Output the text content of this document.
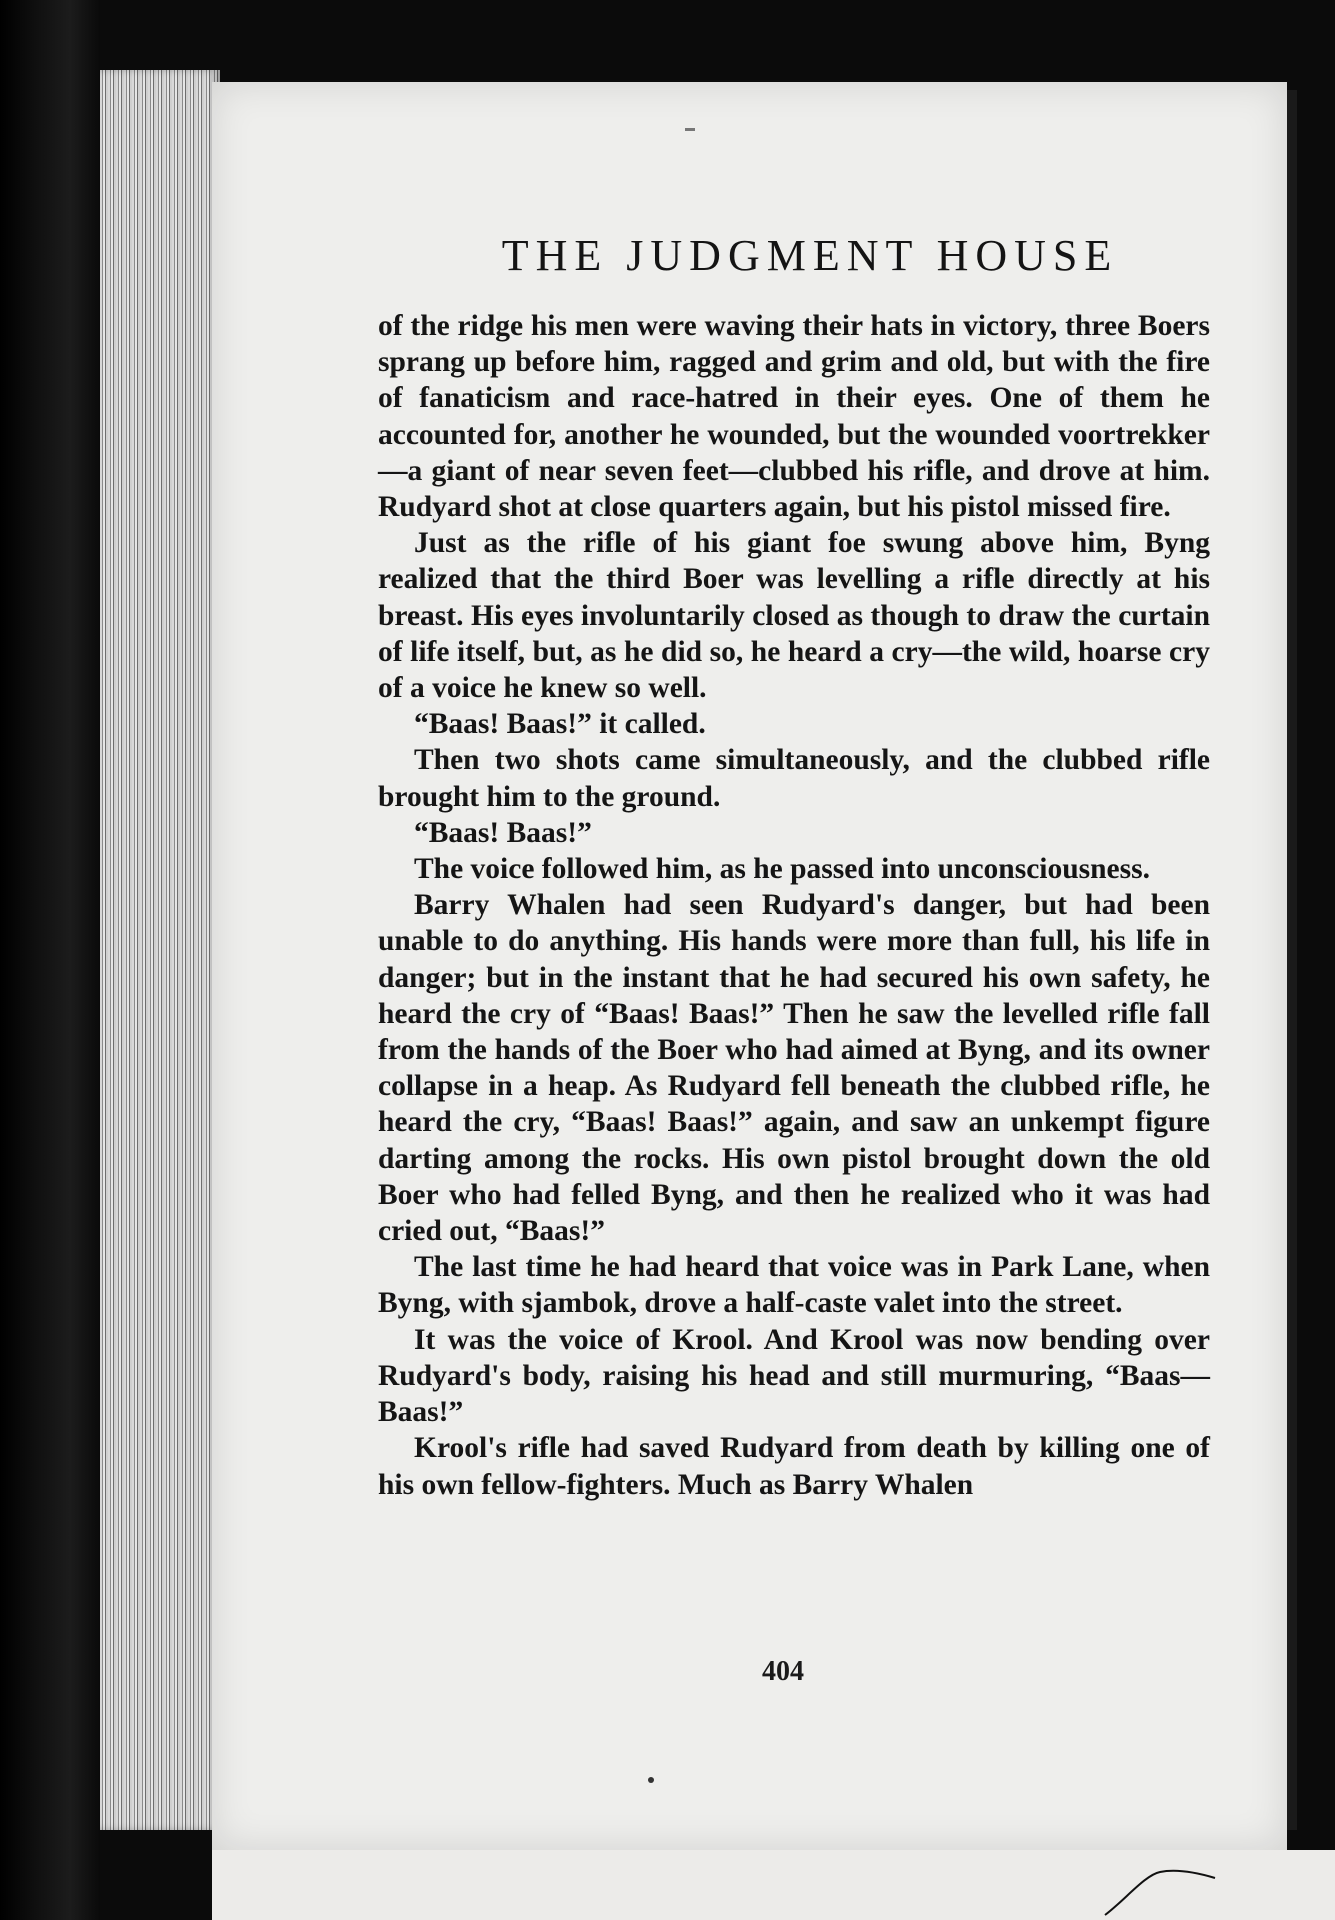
THE JUDGMENT HOUSE

of the ridge his men were waving their hats in victory, three Boers sprang up before him, ragged and grim and old, but with the fire of fanaticism and race-hatred in their eyes. One of them he accounted for, another he wounded, but the wounded voortrekker—a giant of near seven feet—clubbed his rifle, and drove at him. Rudyard shot at close quarters again, but his pistol missed fire.

Just as the rifle of his giant foe swung above him, Byng realized that the third Boer was levelling a rifle directly at his breast. His eyes involuntarily closed as though to draw the curtain of life itself, but, as he did so, he heard a cry—the wild, hoarse cry of a voice he knew so well.

“Baas! Baas!” it called.

Then two shots came simultaneously, and the clubbed rifle brought him to the ground.

“Baas! Baas!”

The voice followed him, as he passed into unconsciousness.

Barry Whalen had seen Rudyard's danger, but had been unable to do anything. His hands were more than full, his life in danger; but in the instant that he had secured his own safety, he heard the cry of “Baas! Baas!” Then he saw the levelled rifle fall from the hands of the Boer who had aimed at Byng, and its owner collapse in a heap. As Rudyard fell beneath the clubbed rifle, he heard the cry, “Baas! Baas!” again, and saw an unkempt figure darting among the rocks. His own pistol brought down the old Boer who had felled Byng, and then he realized who it was had cried out, “Baas!”

The last time he had heard that voice was in Park Lane, when Byng, with sjambok, drove a half-caste valet into the street.

It was the voice of Krool. And Krool was now bending over Rudyard's body, raising his head and still murmuring, “Baas—Baas!”

Krool's rifle had saved Rudyard from death by killing one of his own fellow-fighters. Much as Barry Whalen

404
